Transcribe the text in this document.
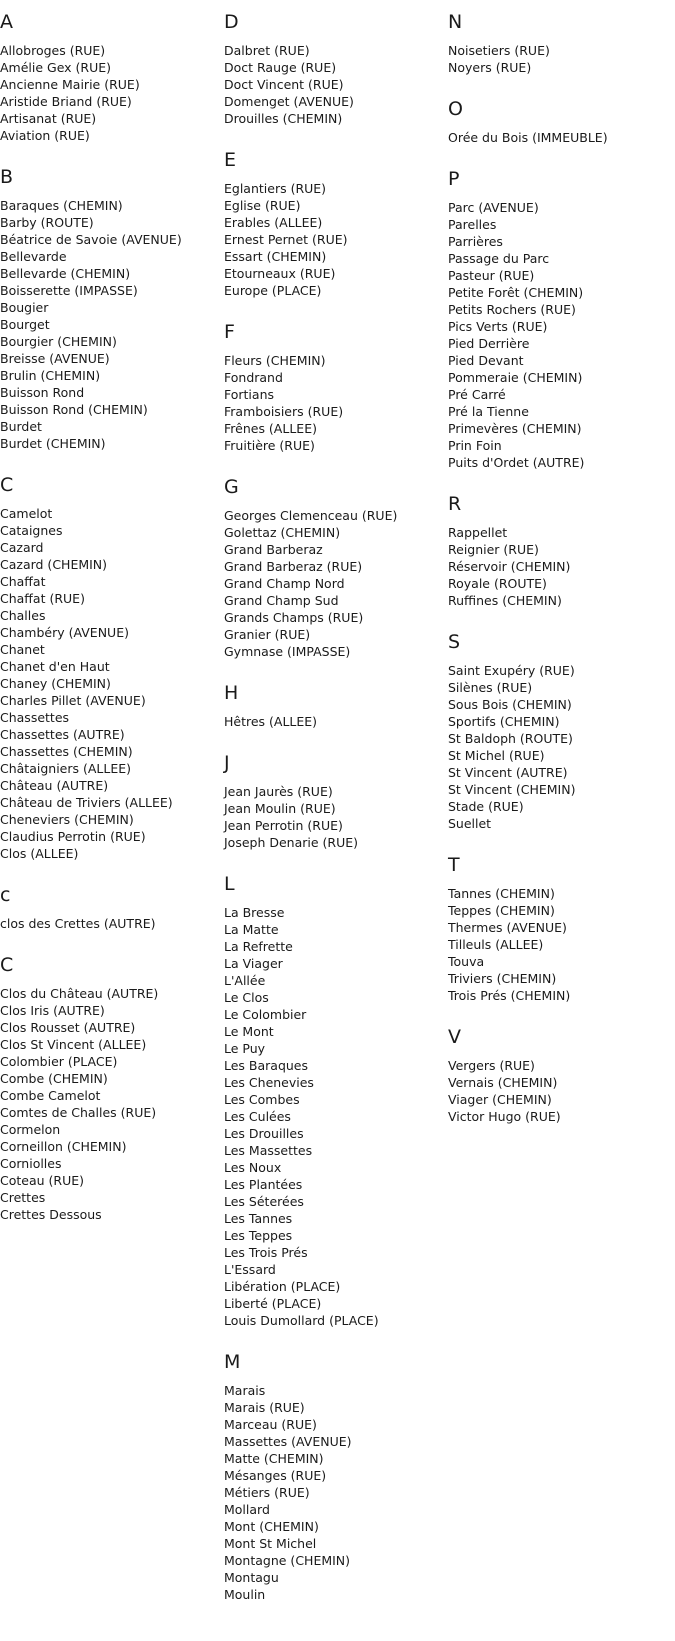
A
Allobroges (RUE)
Amélie Gex (RUE)
Ancienne Mairie (RUE)
Aristide Briand (RUE)
Artisanat (RUE)
Aviation (RUE)
B
Baraques (CHEMIN)
Barby (ROUTE)
Béatrice de Savoie (AVENUE)
Bellevarde
Bellevarde (CHEMIN)
Boisserette (IMPASSE)
Bougier
Bourget
Bourgier (CHEMIN)
Breisse (AVENUE)
Brulin (CHEMIN)
Buisson Rond
Buisson Rond (CHEMIN)
Burdet
Burdet (CHEMIN)
C
Camelot
Cataignes
Cazard
Cazard (CHEMIN)
Chaffat
Chaffat (RUE)
Challes
Chambéry (AVENUE)
Chanet
Chanet d'en Haut
Chaney (CHEMIN)
Charles Pillet (AVENUE)
Chassettes
Chassettes (AUTRE)
Chassettes (CHEMIN)
Châtaigniers (ALLEE)
Château (AUTRE)
Château de Triviers (ALLEE)
Cheneviers (CHEMIN)
Claudius Perrotin (RUE)
Clos (ALLEE)
c
clos des Crettes (AUTRE)
C
Clos du Château (AUTRE)
Clos Iris (AUTRE)
Clos Rousset (AUTRE)
Clos St Vincent (ALLEE)
Colombier (PLACE)
Combe (CHEMIN)
Combe Camelot
Comtes de Challes (RUE)
Cormelon
Corneillon (CHEMIN)
Corniolles
Coteau (RUE)
Crettes
Crettes Dessous
D
Dalbret (RUE)
Doct Rauge (RUE)
Doct Vincent (RUE)
Domenget (AVENUE)
Drouilles (CHEMIN)
E
Eglantiers (RUE)
Eglise (RUE)
Erables (ALLEE)
Ernest Pernet (RUE)
Essart (CHEMIN)
Etourneaux (RUE)
Europe (PLACE)
F
Fleurs (CHEMIN)
Fondrand
Fortians
Framboisiers (RUE)
Frênes (ALLEE)
Fruitière (RUE)
G
Georges Clemenceau (RUE)
Golettaz (CHEMIN)
Grand Barberaz
Grand Barberaz (RUE)
Grand Champ Nord
Grand Champ Sud
Grands Champs (RUE)
Granier (RUE)
Gymnase (IMPASSE)
H
Hêtres (ALLEE)
J
Jean Jaurès (RUE)
Jean Moulin (RUE)
Jean Perrotin (RUE)
Joseph Denarie (RUE)
L
La Bresse
La Matte
La Refrette
La Viager
L'Allée
Le Clos
Le Colombier
Le Mont
Le Puy
Les Baraques
Les Chenevies
Les Combes
Les Culées
Les Drouilles
Les Massettes
Les Noux
Les Plantées
Les Séterées
Les Tannes
Les Teppes
Les Trois Prés
L'Essard
Libération (PLACE)
Liberté (PLACE)
Louis Dumollard (PLACE)
M
Marais
Marais (RUE)
Marceau (RUE)
Massettes (AVENUE)
Matte (CHEMIN)
Mésanges (RUE)
Métiers (RUE)
Mollard
Mont (CHEMIN)
Mont St Michel
Montagne (CHEMIN)
Montagu
Moulin
N
Noisetiers (RUE)
Noyers (RUE)
O
Orée du Bois (IMMEUBLE)
P
Parc (AVENUE)
Parelles
Parrières
Passage du Parc
Pasteur (RUE)
Petite Forêt (CHEMIN)
Petits Rochers (RUE)
Pics Verts (RUE)
Pied Derrière
Pied Devant
Pommeraie (CHEMIN)
Pré Carré
Pré la Tienne
Primevères (CHEMIN)
Prin Foin
Puits d'Ordet (AUTRE)
R
Rappellet
Reignier (RUE)
Réservoir (CHEMIN)
Royale (ROUTE)
Ruffines (CHEMIN)
S
Saint Exupéry (RUE)
Silènes (RUE)
Sous Bois (CHEMIN)
Sportifs (CHEMIN)
St Baldoph (ROUTE)
St Michel (RUE)
St Vincent (AUTRE)
St Vincent (CHEMIN)
Stade (RUE)
Suellet
T
Tannes (CHEMIN)
Teppes (CHEMIN)
Thermes (AVENUE)
Tilleuls (ALLEE)
Touva
Triviers (CHEMIN)
Trois Prés (CHEMIN)
V
Vergers (RUE)
Vernais (CHEMIN)
Viager (CHEMIN)
Victor Hugo (RUE)
